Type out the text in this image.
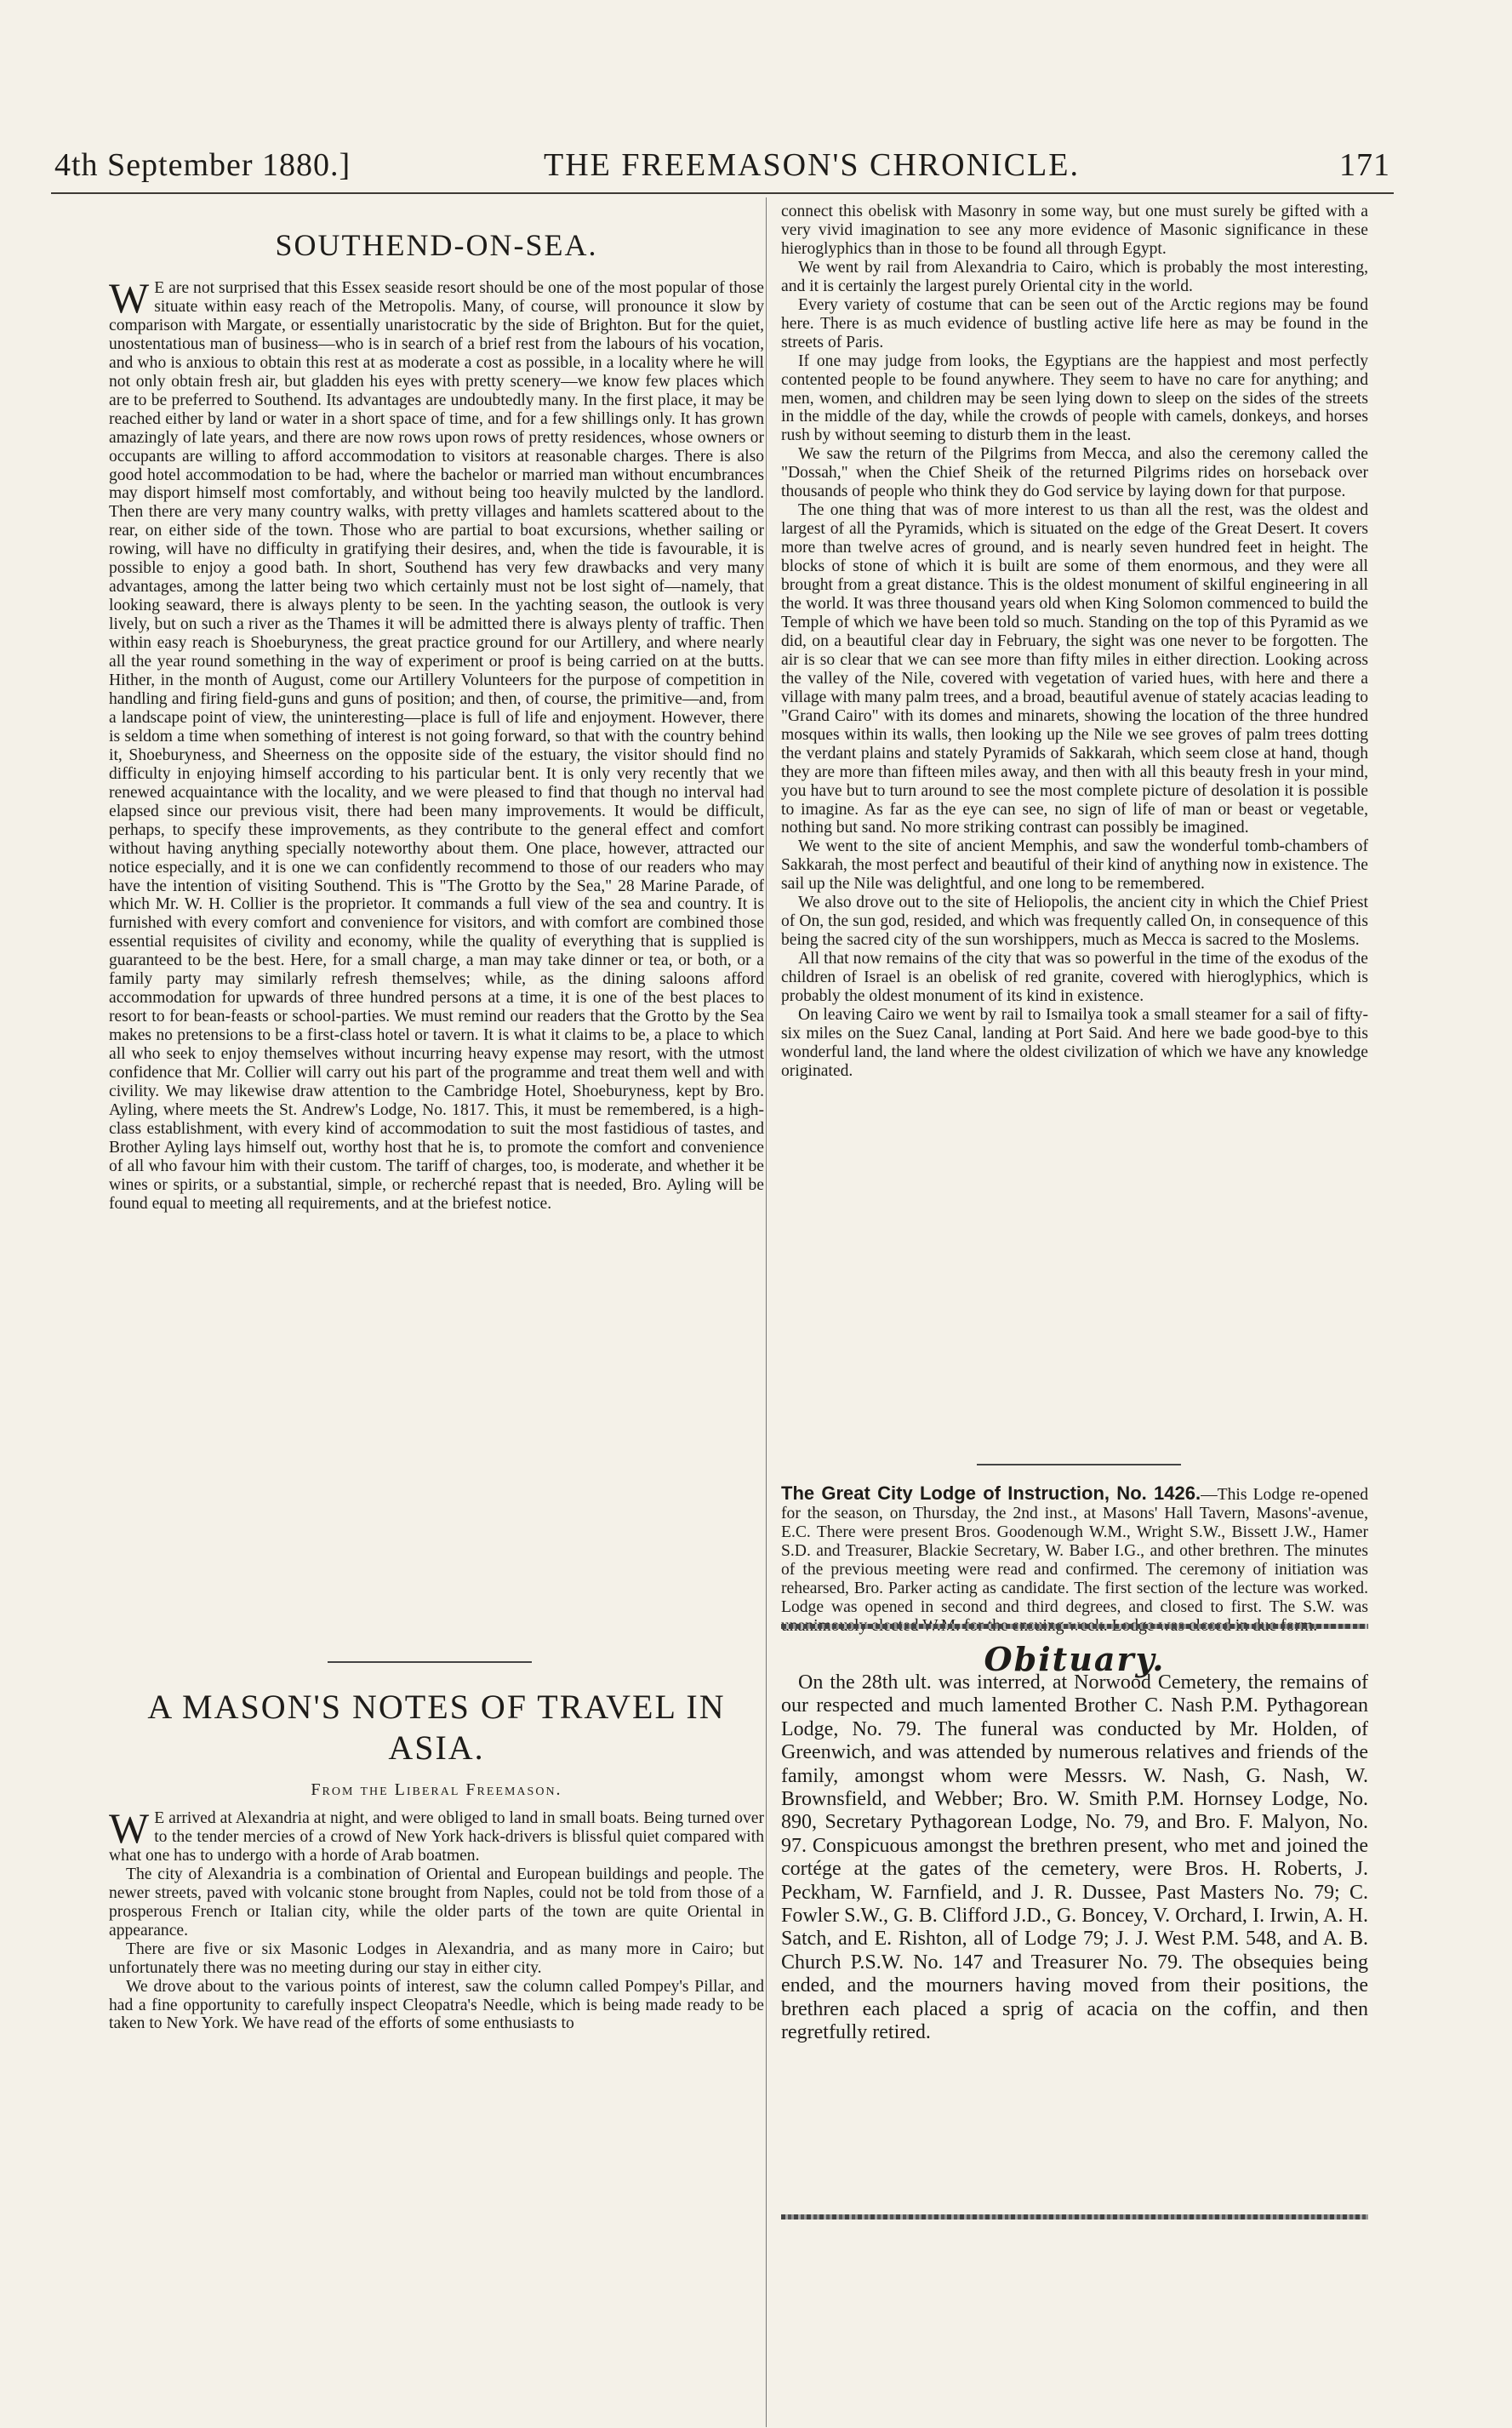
4th September 1880.]	THE FREEMASON'S CHRONICLE.	171
SOUTHEND-ON-SEA.

W E are not surprised that this Essex seaside resort should be one of the most popular of those situate within easy reach of the Metropolis. Many, of course, will pronounce it slow by comparison with Margate, or essentially unaristocratic by the side of Brighton. But for the quiet, unostentatious man of business—who is in search of a brief rest from the labours of his vocation, and who is anxious to obtain this rest at as moderate a cost as possible, in a locality where he will not only obtain fresh air, but gladden his eyes with pretty scenery—we know few places which are to be preferred to Southend. Its advantages are undoubtedly many. In the first place, it may be reached either by land or water in a short space of time, and for a few shillings only. It has grown amazingly of late years, and there are now rows upon rows of pretty residences, whose owners or occupants are willing to afford accommodation to visitors at reasonable charges. There is also good hotel accommodation to be had, where the bachelor or married man without encumbrances may disport himself most comfortably, and without being too heavily mulcted by the landlord. Then there are very many country walks, with pretty villages and hamlets scattered about to the rear, on either side of the town. Those who are partial to boat excursions, whether sailing or rowing, will have no difficulty in gratifying their desires, and, when the tide is favourable, it is possible to enjoy a good bath. In short, Southend has very few drawbacks and very many advantages, among the latter being two which certainly must not be lost sight of—namely, that looking seaward, there is always plenty to be seen. In the yachting season, the outlook is very lively, but on such a river as the Thames it will be admitted there is always plenty of traffic. Then within easy reach is Shoeburyness, the great practice ground for our Artillery, and where nearly all the year round something in the way of experiment or proof is being carried on at the butts. Hither, in the month of August, come our Artillery Volunteers for the purpose of competition in handling and firing field-guns and guns of position; and then, of course, the primitive—and, from a landscape point of view, the uninteresting—place is full of life and enjoyment. However, there is seldom a time when something of interest is not going forward, so that with the country behind it, Shoeburyness, and Sheerness on the opposite side of the estuary, the visitor should find no difficulty in enjoying himself according to his particular bent. It is only very recently that we renewed acquaintance with the locality, and we were pleased to find that though no interval had elapsed since our previous visit, there had been many improvements. It would be difficult, perhaps, to specify these improvements, as they contribute to the general effect and comfort without having anything specially noteworthy about them. One place, however, attracted our notice especially, and it is one we can confidently recommend to those of our readers who may have the intention of visiting Southend. This is "The Grotto by the Sea," 28 Marine Parade, of which Mr. W. H. Collier is the proprietor. It commands a full view of the sea and country. It is furnished with every comfort and convenience for visitors, and with comfort are combined those essential requisites of civility and economy, while the quality of everything that is supplied is guaranteed to be the best. Here, for a small charge, a man may take dinner or tea, or both, or a family party may similarly refresh themselves; while, as the dining saloons afford accommodation for upwards of three hundred persons at a time, it is one of the best places to resort to for bean-feasts or school-parties. We must remind our readers that the Grotto by the Sea makes no pretensions to be a first-class hotel or tavern. It is what it claims to be, a place to which all who seek to enjoy themselves without incurring heavy expense may resort, with the utmost confidence that Mr. Collier will carry out his part of the programme and treat them well and with civility. We may likewise draw attention to the Cambridge Hotel, Shoeburyness, kept by Bro. Ayling, where meets the St. Andrew's Lodge, No. 1817. This, it must be remembered, is a high-class establishment, with every kind of accommodation to suit the most fastidious of tastes, and Brother Ayling lays himself out, worthy host that he is, to promote the comfort and convenience of all who favour him with their custom. The tariff of charges, too, is moderate, and whether it be wines or spirits, or a substantial, simple, or recherché repast that is needed, Bro. Ayling will be found equal to meeting all requirements, and at the briefest notice.

A MASON'S NOTES OF TRAVEL IN ASIA.
From the Liberal Freemason.

W E arrived at Alexandria at night, and were obliged to land in small boats. Being turned over to the tender mercies of a crowd of New York hack-drivers is blissful quiet compared with what one has to undergo with a horde of Arab boatmen.

The city of Alexandria is a combination of Oriental and European buildings and people. The newer streets, paved with volcanic stone brought from Naples, could not be told from those of a prosperous French or Italian city, while the older parts of the town are quite Oriental in appearance.

There are five or six Masonic Lodges in Alexandria, and as many more in Cairo; but unfortunately there was no meeting during our stay in either city.

We drove about to the various points of interest, saw the column called Pompey's Pillar, and had a fine opportunity to carefully inspect Cleopatra's Needle, which is being made ready to be taken to New York. We have read of the efforts of some enthusiasts to

connect this obelisk with Masonry in some way, but one must surely be gifted with a very vivid imagination to see any more evidence of Masonic significance in these hieroglyphics than in those to be found all through Egypt.

We went by rail from Alexandria to Cairo, which is probably the most interesting, and it is certainly the largest purely Oriental city in the world.

Every variety of costume that can be seen out of the Arctic regions may be found here. There is as much evidence of bustling active life here as may be found in the streets of Paris.

If one may judge from looks, the Egyptians are the happiest and most perfectly contented people to be found anywhere. They seem to have no care for anything; and men, women, and children may be seen lying down to sleep on the sides of the streets in the middle of the day, while the crowds of people with camels, donkeys, and horses rush by without seeming to disturb them in the least.

We saw the return of the Pilgrims from Mecca, and also the ceremony called the "Dossah," when the Chief Sheik of the returned Pilgrims rides on horseback over thousands of people who think they do God service by laying down for that purpose.

The one thing that was of more interest to us than all the rest, was the oldest and largest of all the Pyramids, which is situated on the edge of the Great Desert. It covers more than twelve acres of ground, and is nearly seven hundred feet in height. The blocks of stone of which it is built are some of them enormous, and they were all brought from a great distance. This is the oldest monument of skilful engineering in all the world. It was three thousand years old when King Solomon commenced to build the Temple of which we have been told so much. Standing on the top of this Pyramid as we did, on a beautiful clear day in February, the sight was one never to be forgotten. The air is so clear that we can see more than fifty miles in either direction. Looking across the valley of the Nile, covered with vegetation of varied hues, with here and there a village with many palm trees, and a broad, beautiful avenue of stately acacias leading to "Grand Cairo" with its domes and minarets, showing the location of the three hundred mosques within its walls, then looking up the Nile we see groves of palm trees dotting the verdant plains and stately Pyramids of Sakkarah, which seem close at hand, though they are more than fifteen miles away, and then with all this beauty fresh in your mind, you have but to turn around to see the most complete picture of desolation it is possible to imagine. As far as the eye can see, no sign of life of man or beast or vegetable, nothing but sand. No more striking contrast can possibly be imagined.

We went to the site of ancient Memphis, and saw the wonderful tomb-chambers of Sakkarah, the most perfect and beautiful of their kind of anything now in existence. The sail up the Nile was delightful, and one long to be remembered.

We also drove out to the site of Heliopolis, the ancient city in which the Chief Priest of On, the sun god, resided, and which was frequently called On, in consequence of this being the sacred city of the sun worshippers, much as Mecca is sacred to the Moslems.

All that now remains of the city that was so powerful in the time of the exodus of the children of Israel is an obelisk of red granite, covered with hieroglyphics, which is probably the oldest monument of its kind in existence.

On leaving Cairo we went by rail to Ismailya took a small steamer for a sail of fifty-six miles on the Suez Canal, landing at Port Said. And here we bade good-bye to this wonderful land, the land where the oldest civilization of which we have any knowledge originated.

The Great City Lodge of Instruction, No. 1426.—This Lodge re-opened for the season, on Thursday, the 2nd inst., at Masons' Hall Tavern, Masons'-avenue, E.C. There were present Bros. Goodenough W.M., Wright S.W., Bissett J.W., Hamer S.D. and Treasurer, Blackie Secretary, W. Baber I.G., and other brethren. The minutes of the previous meeting were read and confirmed. The ceremony of initiation was rehearsed, Bro. Parker acting as candidate. The first section of the lecture was worked. Lodge was opened in second and third degrees, and closed to first. The S.W. was

Obituary.

On the 28th ult. was interred, at Norwood Cemetery, the remains of our respected and much lamented Brother C. Nash P.M. Pythagorean Lodge, No. 79. The funeral was conducted by Mr. Holden, of Greenwich, and was attended by numerous relatives and friends of the family, amongst whom were Messrs. W. Nash, G. Nash, W. Brownsfield, and Webber; Bro. W. Smith P.M. Hornsey Lodge, No. 890, Secretary Pythagorean Lodge, No. 79, and Bro. F. Malyon, No. 97. Conspicuous amongst the brethren present, who met and joined the cortége at the gates of the cemetery, were Bros. H. Roberts, J. Peckham, W. Farnfield, and J. R. Dussee, Past Masters No. 79; C. Fowler S.W., G. B. Clifford J.D., G. Boncey, V. Orchard, I. Irwin, A. H. Satch, and E. Rishton, all of Lodge 79; J. J. West P.M. 548, and A. B. Church P.S.W. No. 147 and Treasurer No. 79. The obsequies being ended, and the mourners having moved from their positions, the brethren each placed a sprig of acacia on the coffin, and then regretfully retired.
